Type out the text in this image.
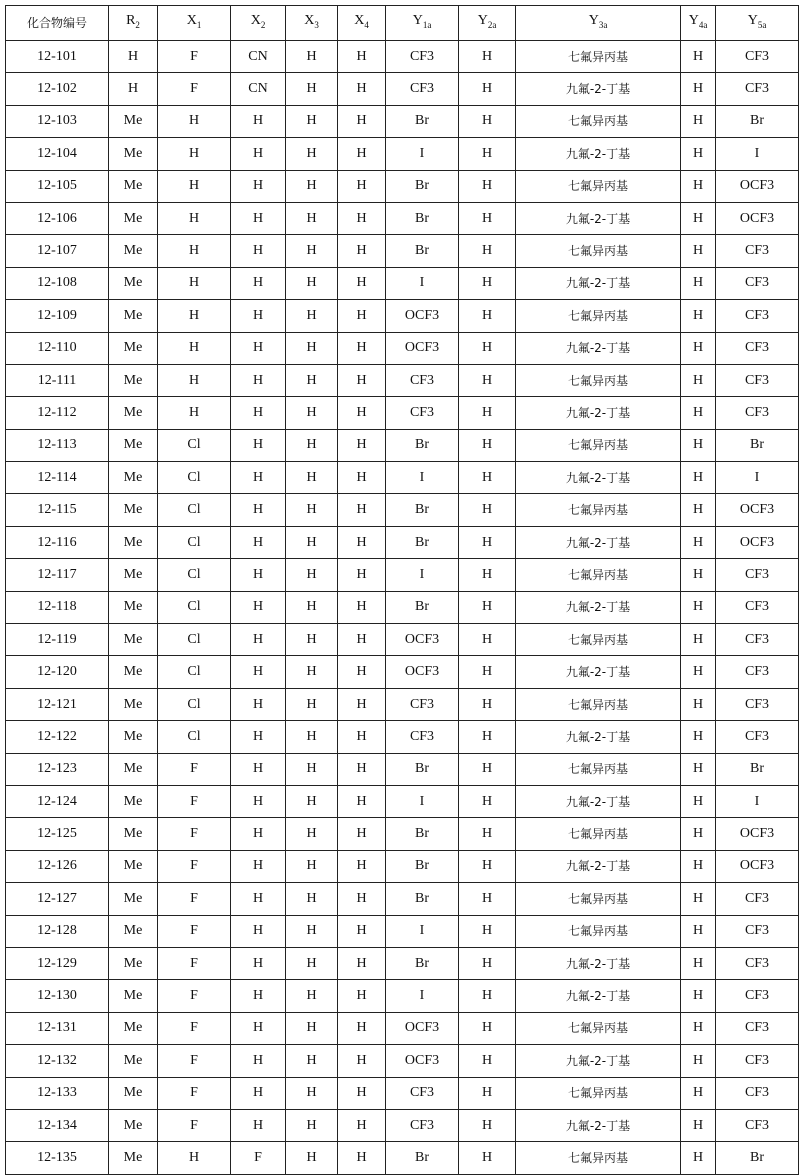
化合物编号	R2	X1	X2	X3	X4	Y1a	Y2a	Y3a	Y4a	Y5a
12-101	H	F	CN	H	H	CF3	H	七氟异丙基	H	CF3
12-102	H	F	CN	H	H	CF3	H	九氟-2-丁基	H	CF3
12-103	Me	H	H	H	H	Br	H	七氟异丙基	H	Br
12-104	Me	H	H	H	H	I	H	九氟-2-丁基	H	I
12-105	Me	H	H	H	H	Br	H	七氟异丙基	H	OCF3
12-106	Me	H	H	H	H	Br	H	九氟-2-丁基	H	OCF3
12-107	Me	H	H	H	H	Br	H	七氟异丙基	H	CF3
12-108	Me	H	H	H	H	I	H	九氟-2-丁基	H	CF3
12-109	Me	H	H	H	H	OCF3	H	七氟异丙基	H	CF3
12-110	Me	H	H	H	H	OCF3	H	九氟-2-丁基	H	CF3
12-111	Me	H	H	H	H	CF3	H	七氟异丙基	H	CF3
12-112	Me	H	H	H	H	CF3	H	九氟-2-丁基	H	CF3
12-113	Me	Cl	H	H	H	Br	H	七氟异丙基	H	Br
12-114	Me	Cl	H	H	H	I	H	九氟-2-丁基	H	I
12-115	Me	Cl	H	H	H	Br	H	七氟异丙基	H	OCF3
12-116	Me	Cl	H	H	H	Br	H	九氟-2-丁基	H	OCF3
12-117	Me	Cl	H	H	H	I	H	七氟异丙基	H	CF3
12-118	Me	Cl	H	H	H	Br	H	九氟-2-丁基	H	CF3
12-119	Me	Cl	H	H	H	OCF3	H	七氟异丙基	H	CF3
12-120	Me	Cl	H	H	H	OCF3	H	九氟-2-丁基	H	CF3
12-121	Me	Cl	H	H	H	CF3	H	七氟异丙基	H	CF3
12-122	Me	Cl	H	H	H	CF3	H	九氟-2-丁基	H	CF3
12-123	Me	F	H	H	H	Br	H	七氟异丙基	H	Br
12-124	Me	F	H	H	H	I	H	九氟-2-丁基	H	I
12-125	Me	F	H	H	H	Br	H	七氟异丙基	H	OCF3
12-126	Me	F	H	H	H	Br	H	九氟-2-丁基	H	OCF3
12-127	Me	F	H	H	H	Br	H	七氟异丙基	H	CF3
12-128	Me	F	H	H	H	I	H	七氟异丙基	H	CF3
12-129	Me	F	H	H	H	Br	H	九氟-2-丁基	H	CF3
12-130	Me	F	H	H	H	I	H	九氟-2-丁基	H	CF3
12-131	Me	F	H	H	H	OCF3	H	七氟异丙基	H	CF3
12-132	Me	F	H	H	H	OCF3	H	九氟-2-丁基	H	CF3
12-133	Me	F	H	H	H	CF3	H	七氟异丙基	H	CF3
12-134	Me	F	H	H	H	CF3	H	九氟-2-丁基	H	CF3
12-135	Me	H	F	H	H	Br	H	七氟异丙基	H	Br
